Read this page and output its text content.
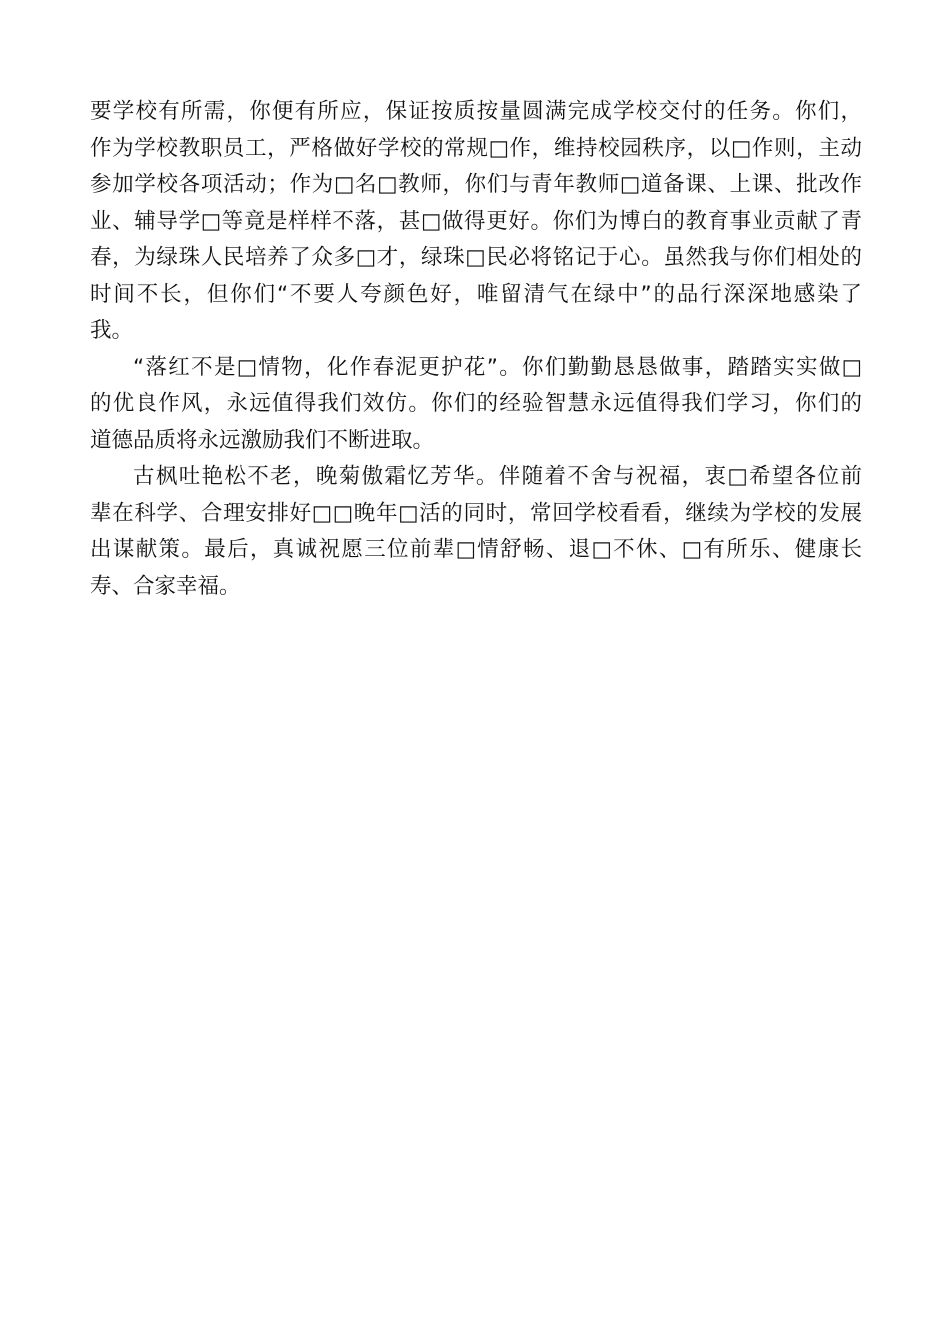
要学校有所需，你便有所应，保证按质按量圆满完成学校交付的任务。你们，
作为学校教职员工，严格做好学校的常规□作，维持校园秩序，以□作则，主动
参加学校各项活动；作为□名□教师，你们与青年教师□道备课、上课、批改作
业、辅导学□等竟是样样不落，甚□做得更好。你们为博白的教育事业贡献了青
春，为绿珠人民培养了众多□才，绿珠□民必将铭记于心。虽然我与你们相处的
时间不长，但你们“不要人夸颜色好，唯留清气在绿中”的品行深深地感染了
我。
“落红不是□情物，化作春泥更护花”。你们勤勤恳恳做事，踏踏实实做□
的优良作风，永远值得我们效仿。你们的经验智慧永远值得我们学习，你们的
道德品质将永远激励我们不断进取。
古枫吐艳松不老，晚菊傲霜忆芳华。伴随着不舍与祝福，衷□希望各位前
辈在科学、合理安排好□□晚年□活的同时，常回学校看看，继续为学校的发展
出谋献策。最后，真诚祝愿三位前辈□情舒畅、退□不休、□有所乐、健康长
寿、合家幸福。
